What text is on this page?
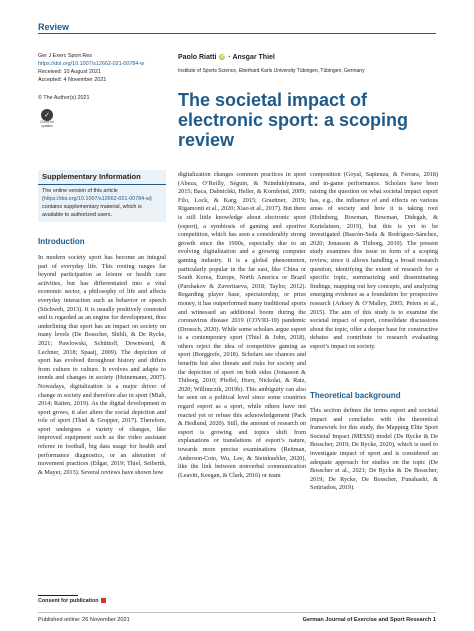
Review
Ger J Exerc Sport Res
https://doi.org/10.1007/s12662-021-00784-w
Received: 10 August 2021
Accepted: 4 November 2021
© The Author(s) 2021
✓
Check for updates
Paolo Riatti iD · Ansgar Thiel
Institute of Sports Science, Eberhard Karls University Tübingen, Tübingen, Germany
The societal impact of electronic sport: a scoping review
Supplementary Information
The online version of this article (https://doi.org/10.1007/s12662-021-00784-w) contains supplementary material, which is available to authorized users.
Introduction

In modern society sport has become an integral part of everyday life. This rooting ranges far beyond participation as leisure or health care activities, but has differentiated into a vital economic sector, a philosophy of life and affects everyday interaction such as behavior or speech (Stichweh, 2013). It is usually positively connoted and is regarded as an engine for development, thus underlining that sport has an impact on society on many levels (De Bosscher, Shibli, & De Rycke, 2021; Pawlowski, Schüttoff, Downward, & Lechner, 2018; Spaaij, 2009). The depiction of sport has evolved throughout history and differs from culture to culture. It evolves and adapts to trends and changes in society (Heinemann, 2007). Nowadays, digitalization is a major driver of change in society and therefore also in sport (Miah, 2014; Ratten, 2019). As the digital development in sport grows, it also alters the social depiction and role of sport (Thiel & Gropper, 2017). Therefore, sport undergoes a variety of changes, like improved equipment such as the video assistant referee in football, big data usage for health and performance diagnostics, or an alteration of movement practices (Edgar, 2019; Thiel, Seiberth, & Mayer, 2013). Several reviews have shown how

Consent for publication

digitalization changes common practices in sport (Abeza, O’Reilly, Séguin, & Nzindukiyimana, 2015; Baca, Dabnichki, Heller, & Kornfeind, 2009; Filo, Lock, & Karg, 2015; Gruettner, 2019; Rigamonti et al., 2020; Xiao et al., 2017). But there is still little knowledge about electronic sport (esport), a symbiosis of gaming and sportive competition, which has seen a considerably strong growth since the 1990s, especially due to an evolving digitalization and a growing computer gaming industry. It is a global phenomenon, particularly popular in the far east, like China or South Korea, Europe, North America or Brazil (Parshakov & Zavertiaeva, 2018; Taylor, 2012). Regarding player base, spectatorship, or prize money, it has outperformed many traditional sports and witnessed an additional boom during the coronavirus disease 2019 (COVID-19) pandemic (Droesch, 2020). While some scholars argue esport is a contemporary sport (Thiel & John, 2018), others reject the idea of competitive gaming as sport (Borggrefe, 2018). Scholars see chances and benefits but also threats and risks for society and the depiction of sport on both sides (Jonasson & Thiborg, 2010; Pfeffel, Horn, Nickolai, & Ratz, 2020; Willimczik, 2019b). This ambiguity can also be seen on a political level since some countries regard esport as a sport, while others have not reacted yet or refuse this acknowledgement (Pack & Hedlund, 2020). Still, the amount of research on esport is growing and topics shift from explanations or translations of esport’s nature, towards more precise examinations (Reitman, Anderson-Coto, Wu, Lee, & Steinkuehler, 2020), like the link between nonverbal communication (Leavitt, Keegan, & Clark, 2016) or team

composition (Goyal, Sapienza, & Ferrara, 2018) and in-game performance. Scholars have been raising the question on what societal impact esport has, e.g., the influence of and effects on various areas of society and how it is taking root (Holmberg, Bowman, Bowman, Didegah, & Kortelainen, 2019), but this is yet to be investigated (Bascón-Seda & Rodríguez-Sánchez, 2020; Jonasson & Thiborg, 2010). The present study examines this issue in form of a scoping review, since it allows handling a broad research question, identifying the extent of research for a specific topic, summarizing and disseminating findings, mapping out key concepts, and analyzing emerging evidence as a foundation for prospective research (Arksey & O’Malley, 2005; Peters et al., 2015). The aim of this study is to examine the societal impact of esport, consolidate discussions about the topic, offer a deeper base for constructive debates and contribute to research evaluating esport’s impact on society.

Theoretical background

This section defines the terms esport and societal impact and concludes with the theoretical framework for this study, the Mapping Elite Sport Societal Impact (MESSI) model (De Rycke & De Bosscher, 2019; De Rycke, 2020), which is used to investigate impact of sport and is considered an adequate approach for studies on the topic (De Bosscher et al., 2021; De Rycke & De Bosscher, 2019; De Rycke, De Bosscher, Funahashi, & Sotiriadou, 2019).

Published online: 26 November 2021	German Journal of Exercise and Sport Research 1
